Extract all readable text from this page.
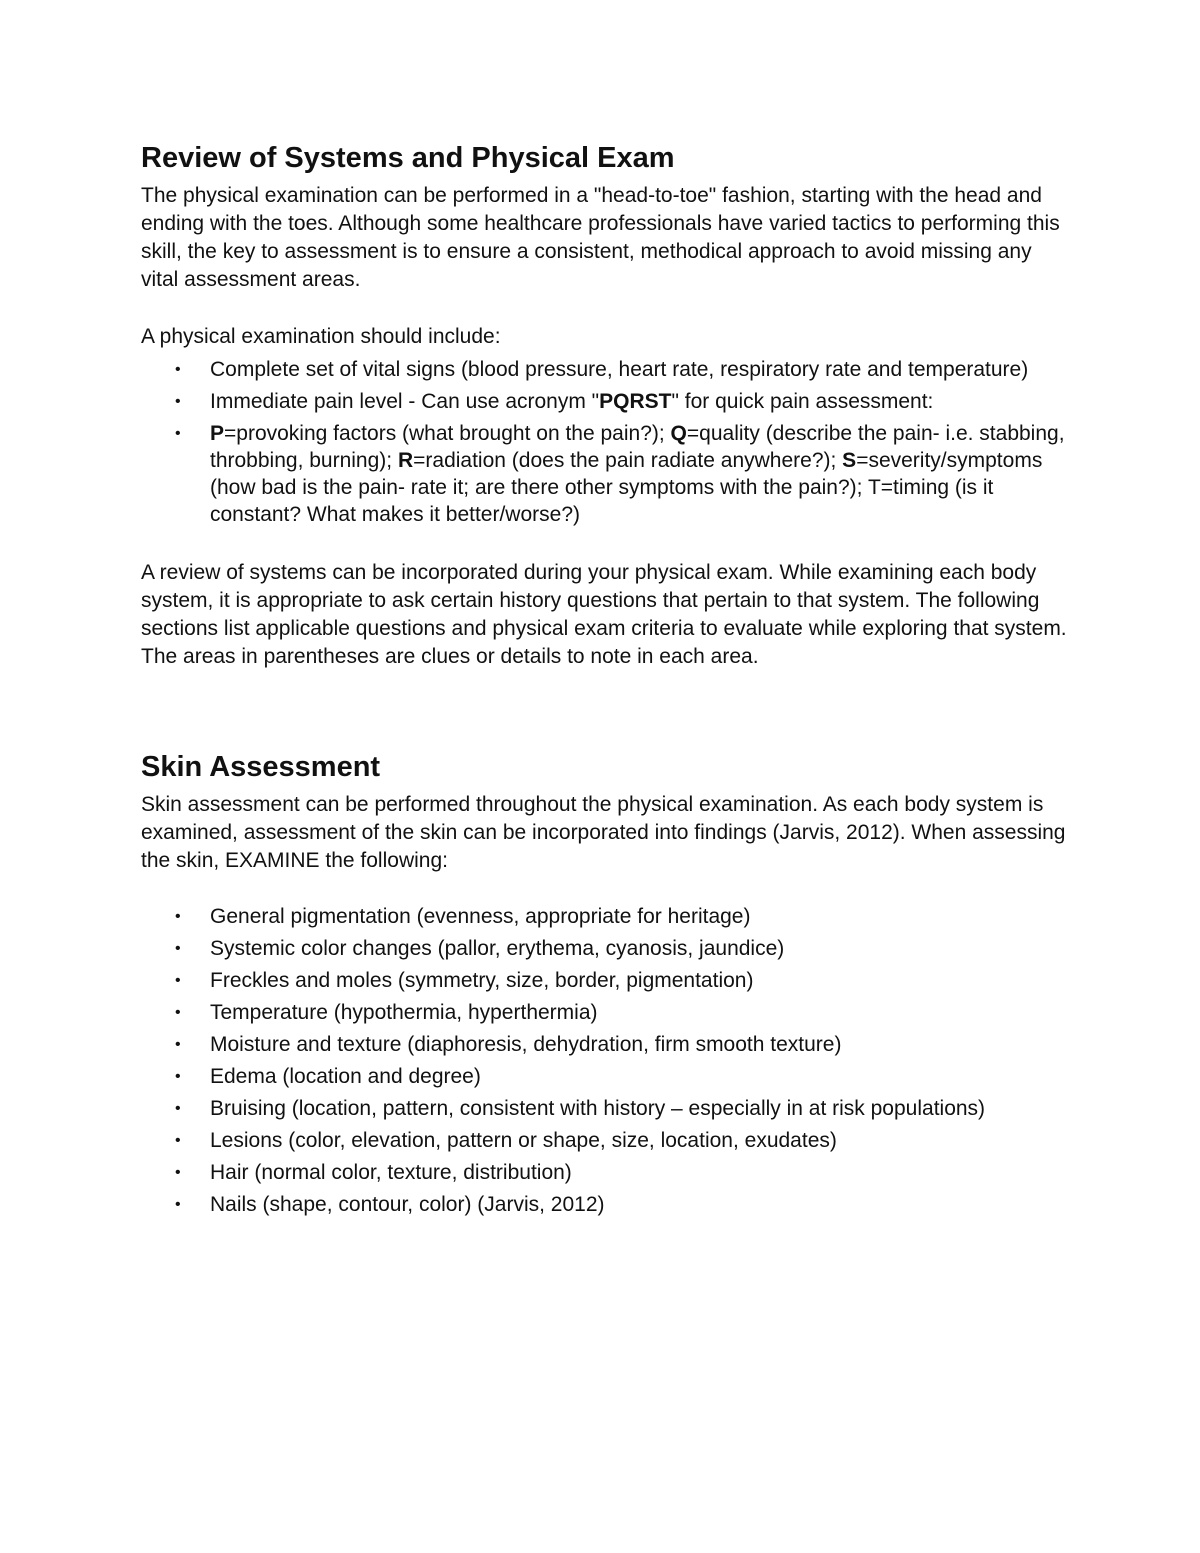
Review of Systems and Physical Exam

The physical examination can be performed in a "head-to-toe" fashion, starting with the head and ending with the toes. Although some healthcare professionals have varied tactics to performing this skill, the key to assessment is to ensure a consistent, methodical approach to avoid missing any vital assessment areas.

A physical examination should include:

• Complete set of vital signs (blood pressure, heart rate, respiratory rate and temperature)
• Immediate pain level - Can use acronym "PQRST" for quick pain assessment:
• P=provoking factors (what brought on the pain?); Q=quality (describe the pain- i.e. stabbing, throbbing, burning); R=radiation (does the pain radiate anywhere?); S=severity/symptoms (how bad is the pain- rate it; are there other symptoms with the pain?); T=timing (is it constant? What makes it better/worse?)

A review of systems can be incorporated during your physical exam. While examining each body system, it is appropriate to ask certain history questions that pertain to that system. The following sections list applicable questions and physical exam criteria to evaluate while exploring that system. The areas in parentheses are clues or details to note in each area.

Skin Assessment

Skin assessment can be performed throughout the physical examination. As each body system is examined, assessment of the skin can be incorporated into findings (Jarvis, 2012). When assessing the skin, EXAMINE the following:

• General pigmentation (evenness, appropriate for heritage)
• Systemic color changes (pallor, erythema, cyanosis, jaundice)
• Freckles and moles (symmetry, size, border, pigmentation)
• Temperature (hypothermia, hyperthermia)
• Moisture and texture (diaphoresis, dehydration, firm smooth texture)
• Edema (location and degree)
• Bruising (location, pattern, consistent with history – especially in at risk populations)
• Lesions (color, elevation, pattern or shape, size, location, exudates)
• Hair (normal color, texture, distribution)
• Nails (shape, contour, color) (Jarvis, 2012)
